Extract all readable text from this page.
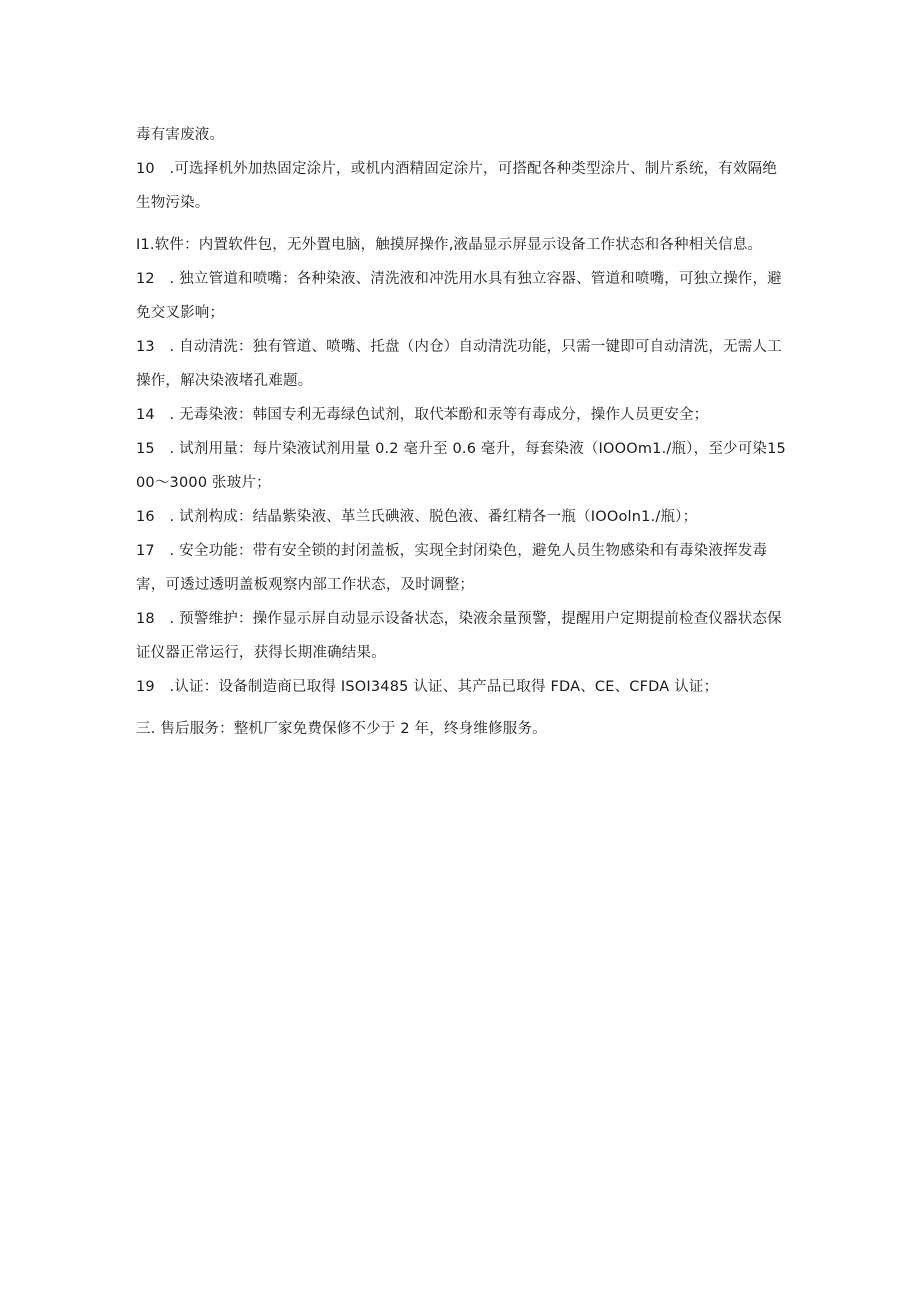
毒有害废液。

10　.可选择机外加热固定涂片，或机内酒精固定涂片，可搭配各种类型涂片、制片系统，有效隔绝生物污染。

I1.软件：内置软件包，无外置电脑，触摸屏操作,液晶显示屏显示设备工作状态和各种相关信息。

12　. 独立管道和喷嘴：各种染液、清洗液和冲洗用水具有独立容器、管道和喷嘴，可独立操作，避免交叉影响；

13　. 自动清洗：独有管道、喷嘴、托盘（内仓）自动清洗功能，只需一键即可自动清洗，无需人工操作，解决染液堵孔难题。

14　. 无毒染液：韩国专利无毒绿色试剂，取代苯酚和汞等有毒成分，操作人员更安全；

15　. 试剂用量：每片染液试剂用量 0.2 毫升至 0.6 毫升，每套染液（IOOOm1./瓶），至少可染1500～3000 张玻片；

16　. 试剂构成：结晶紫染液、革兰氏碘液、脱色液、番红精各一瓶（IOOoln1./瓶）；

17　. 安全功能：带有安全锁的封闭盖板，实现全封闭染色，避免人员生物感染和有毒染液挥发毒害，可透过透明盖板观察内部工作状态，及时调整；

18　. 预警维护：操作显示屏自动显示设备状态，染液余量预警，提醒用户定期提前检查仪器状态保证仪器正常运行，获得长期准确结果。

19　.认证：设备制造商已取得 ISOI3485 认证、其产品已取得 FDA、CE、CFDA 认证；

三. 售后服务：整机厂家免费保修不少于 2 年，终身维修服务。
